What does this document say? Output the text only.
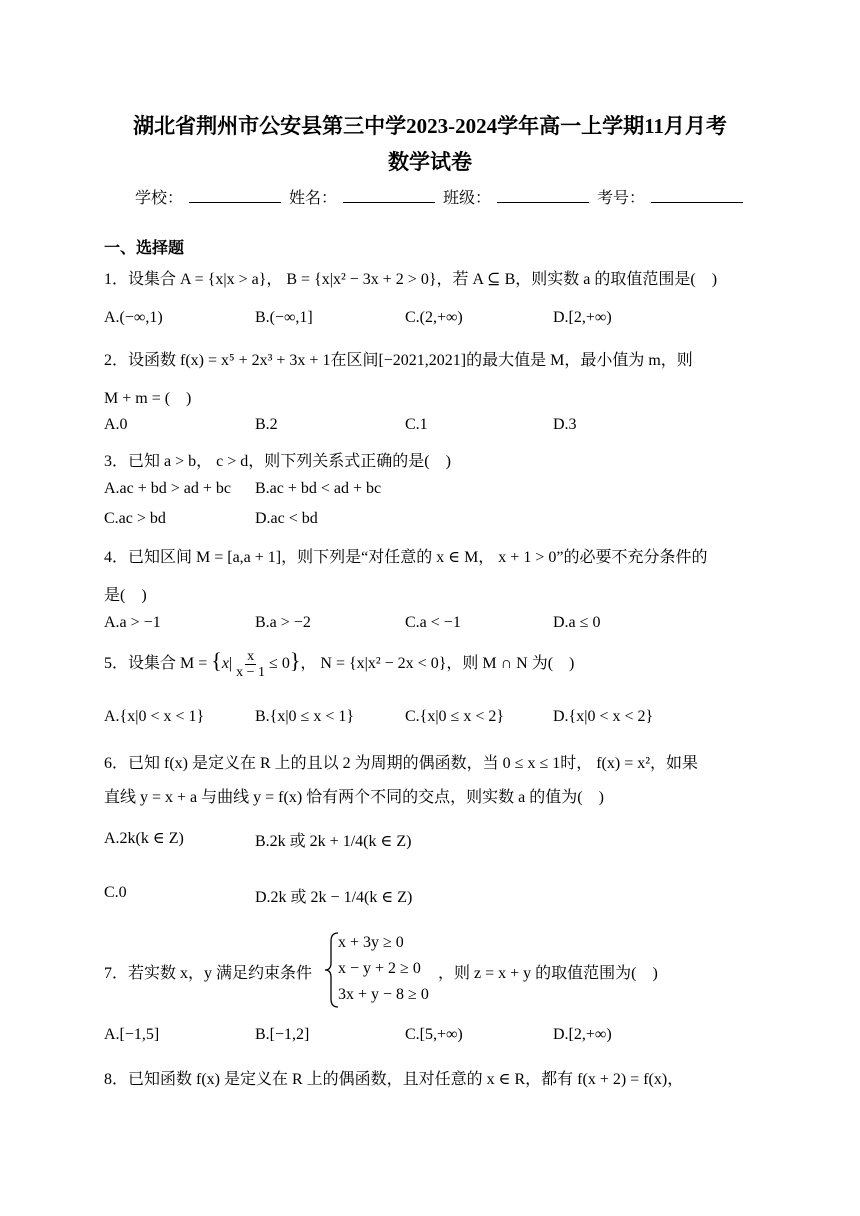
湖北省荆州市公安县第三中学2023-2024学年高一上学期11月月考
数学试卷
学校：	姓名：	班级：	考号：
一、选择题
1．设集合 A = {x|x > a}， B = {x|x² − 3x + 2 > 0}，若 A ⊆ B，则实数 a 的取值范围是(　)
A.(−∞,1)	B.(−∞,1]	C.(2,+∞)	D.[2,+∞)
2．设函数 f(x) = x⁵ + 2x³ + 3x + 1在区间[−2021,2021]的最大值是 M，最小值为 m，则
M + m = (　)
A.0	B.2	C.1	D.3
3．已知 a > b， c > d，则下列关系式正确的是(　)
A.ac + bd > ad + bc B.ac + bd < ad + bc
C.ac > bd	D.ac < bd
4．已知区间 M = [a,a + 1]，则下列是“对任意的 x ∈ M， x + 1 > 0”的必要不充分条件的
是(　)
A.a > −1	B.a > −2	C.a < −1	D.a ≤ 0
5．设集合 $M = \{x| \frac{x}{x - 1} \le 0\}$， N = {x|x² − 2x < 0}，则 M ∩ N 为(　)
A.{x|0 < x < 1}	B.{x|0 ≤ x < 1}	C.{x|0 ≤ x < 2}	D.{x|0 < x < 2}
6．已知 f(x) 是定义在 R 上的且以 2 为周期的偶函数，当 0 ≤ x ≤ 1时， f(x) = x²，如果
直线 y = x + a 与曲线 y = f(x) 恰有两个不同的交点，则实数 a 的值为(　)
A.2k(k ∈ Z)	B.2k 或 2k + 1/4(k ∈ Z)
C.0	D.2k 或 2k − 1/4(k ∈ Z)
7．若实数 x，y 满足约束条件
x + 3y ≥ 0
x − y + 2 ≥ 0
3x + y − 8 ≥ 0
，则 z = x + y 的取值范围为(　)
A.[−1,5]	B.[−1,2]	C.[5,+∞)	D.[2,+∞)
8．已知函数 f(x) 是定义在 R 上的偶函数，且对任意的 x ∈ R，都有 f(x + 2) = f(x)，
